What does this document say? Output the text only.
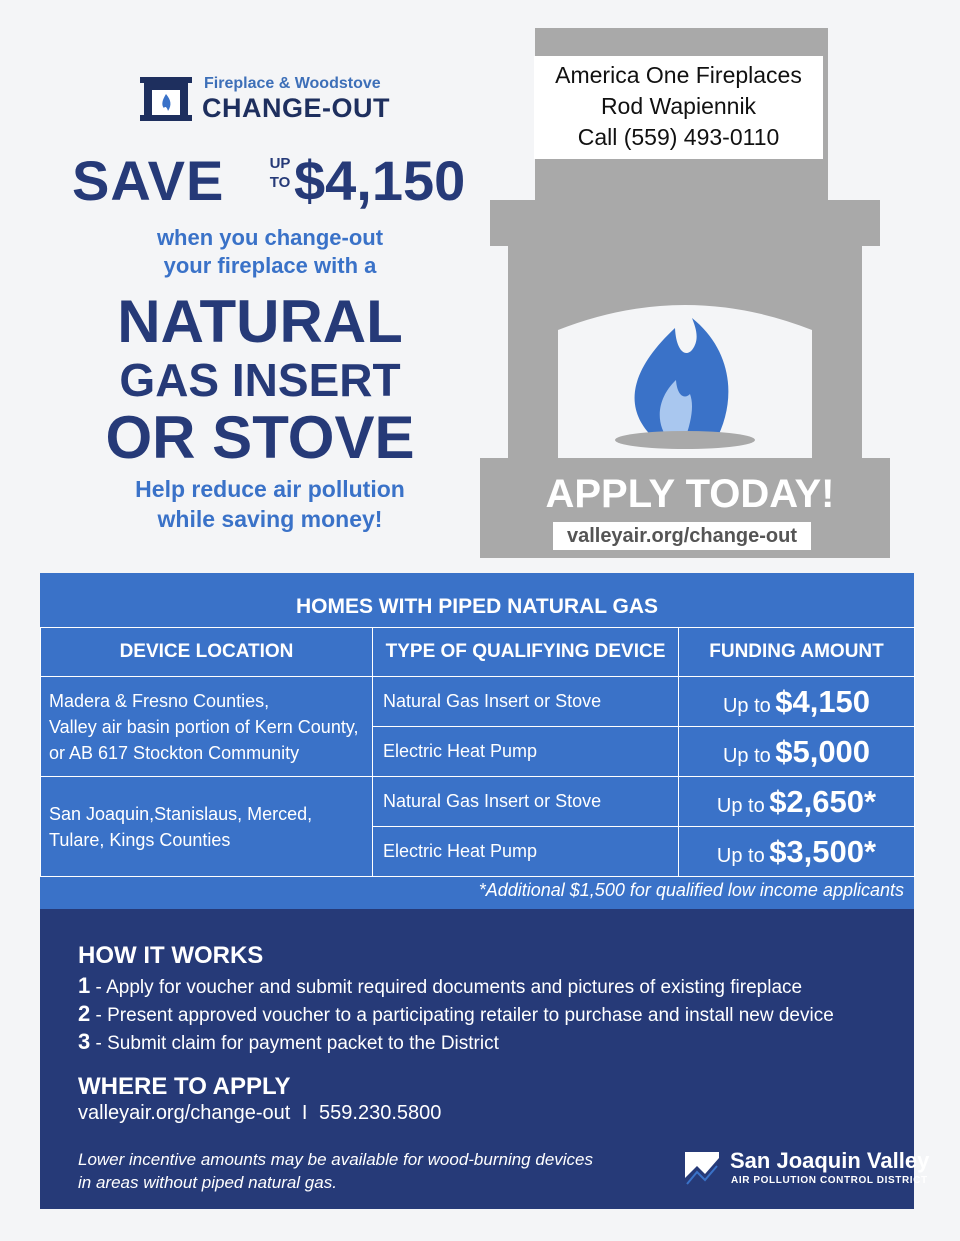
Fireplace & Woodstove
CHANGE-OUT
SAVE	UP
TO $4,150
when you change-out
your fireplace with a
NATURAL
GAS INSERT
OR STOVE
Help reduce air pollution
while saving money!
America One Fireplaces
Rod Wapiennik
Call (559) 493-0110
APPLY TODAY!
valleyair.org/change-out
HOMES WITH PIPED NATURAL GAS
DEVICE LOCATION	TYPE OF QUALIFYING DEVICE	FUNDING AMOUNT

Madera & Fresno Counties,
Valley air basin portion of Kern County,
or AB 617 Stockton Community	Natural Gas Insert or Stove	Up to $4,150
	Electric Heat Pump	Up to $5,000

San Joaquin,Stanislaus, Merced,
Tulare, Kings Counties	Natural Gas Insert or Stove	Up to $2,650*
	Electric Heat Pump	Up to $3,500*
*Additional $1,500 for qualified low income applicants
HOW IT WORKS
1 - Apply for voucher and submit required documents and pictures of existing fireplace
2 - Present approved voucher to a participating retailer to purchase and install new device
3 - Submit claim for payment packet to the District
WHERE TO APPLY
valleyair.org/change-out I 559.230.5800
Lower incentive amounts may be available for wood-burning devices
in areas without piped natural gas.
San Joaquin Valley
AIR POLLUTION CONTROL DISTRICT
